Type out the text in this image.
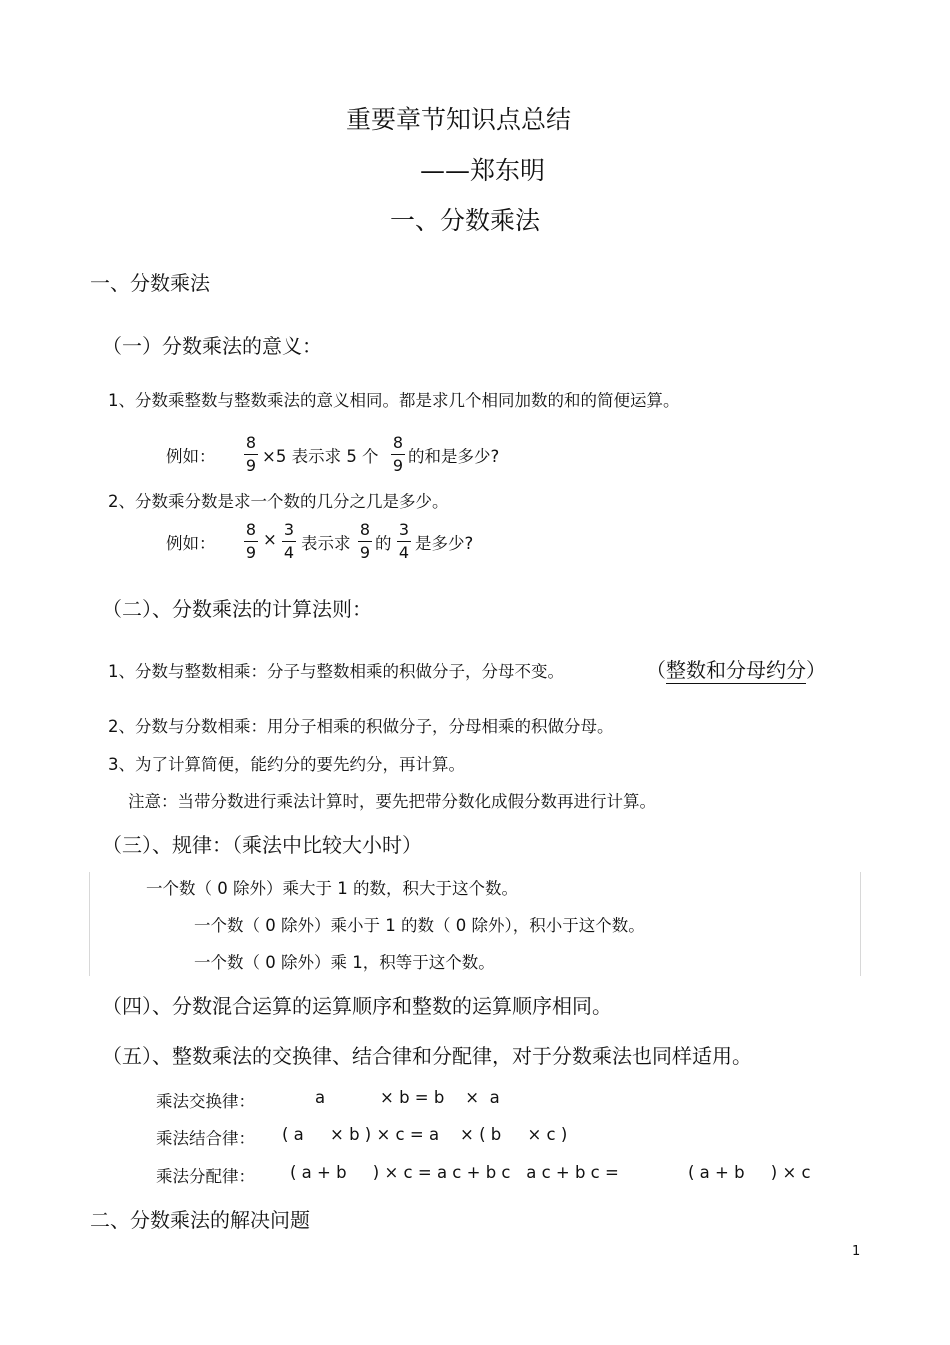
重要章节知识点总结
——郑东明
一、分数乘法
一、分数乘法
（一）分数乘法的意义：
1、分数乘整数与整数乘法的意义相同。都是求几个相同加数的和的简便运算。
例如： $\frac{8}{9} \times 5$ 表示求 5 个 $\frac{8}{9}$ 的和是多少?
2、分数乘分数是求一个数的几分之几是多少。
例如： $\frac{8}{9} \times \frac{3}{4}$ 表示求 $\frac{8}{9}$ 的 $\frac{3}{4}$ 是多少?
（二）、分数乘法的计算法则：
1、分数与整数相乘：分子与整数相乘的积做分子，分母不变。	（整数和分母约分）
2、分数与分数相乘：用分子相乘的积做分子，分母相乘的积做分母。
3、为了计算简便，能约分的要先约分，再计算。
注意：当带分数进行乘法计算时，要先把带分数化成假分数再进行计算。
（三）、规律：（乘法中比较大小时）
一个数（ 0 除外）乘大于 1 的数，积大于这个数。
一个数（ 0 除外）乘小于 1 的数（ 0 除外），积小于这个数。
一个数（ 0 除外）乘 1，积等于这个数。
（四）、分数混合运算的运算顺序和整数的运算顺序相同。
（五）、整数乘法的交换律、结合律和分配律，对于分数乘法也同样适用。
乘法交换律：	a	× b = b    ×  a
乘法结合律： ( a     × b ) × c = a    × ( b     × c )
乘法分配律： ( a + b     ) × c = a c + b c   a c + b c =	( a + b     ) × c
二、分数乘法的解决问题
1
